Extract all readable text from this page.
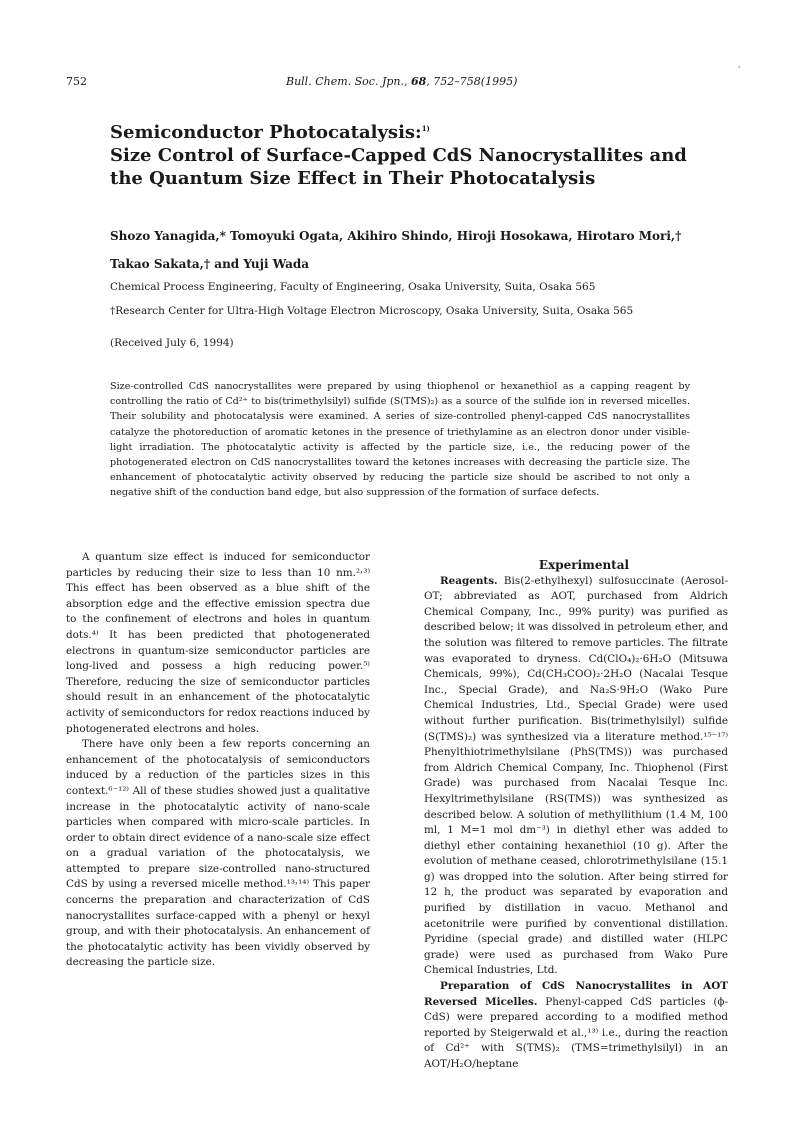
,
752	Bull. Chem. Soc. Jpn., 68, 752–758(1995)
Semiconductor Photocatalysis:$^{1)}$
Size Control of Surface-Capped CdS Nanocrystallites and
the Quantum Size Effect in Their Photocatalysis
Shozo Yanagida,* Tomoyuki Ogata, Akihiro Shindo, Hiroji Hosokawa, Hirotaro Mori,†
Takao Sakata,† and Yuji Wada
Chemical Process Engineering, Faculty of Engineering, Osaka University, Suita, Osaka 565
†Research Center for Ultra-High Voltage Electron Microscopy, Osaka University, Suita, Osaka 565
(Received July 6, 1994)
Size-controlled CdS nanocrystallites were prepared by using thiophenol or hexanethiol as a capping reagent by controlling the ratio of Cd²⁺ to bis(trimethylsilyl) sulfide (S(TMS)₂) as a source of the sulfide ion in reversed micelles. Their solubility and photocatalysis were examined. A series of size-controlled phenyl-capped CdS nanocrystallites catalyze the photoreduction of aromatic ketones in the presence of triethylamine as an electron donor under visible-light irradiation. The photocatalytic activity is affected by the particle size, i.e., the reducing power of the photogenerated electron on CdS nanocrystallites toward the ketones increases with decreasing the particle size. The enhancement of photocatalytic activity observed by reducing the particle size should be ascribed to not only a negative shift of the conduction band edge, but also suppression of the formation of surface defects.

A quantum size effect is induced for semiconductor particles by reducing their size to less than 10 nm.²˒³⁾ This effect has been observed as a blue shift of the absorption edge and the effective emission spectra due to the confinement of electrons and holes in quantum dots.⁴⁾ It has been predicted that photogenerated electrons in quantum-size semiconductor particles are long-lived and possess a high reducing power.⁵⁾ Therefore, reducing the size of semiconductor particles should result in an enhancement of the photocatalytic activity of semiconductors for redox reactions induced by photogenerated electrons and holes.

There have only been a few reports concerning an enhancement of the photocatalysis of semiconductors induced by a reduction of the particles sizes in this context.⁶⁻¹²⁾ All of these studies showed just a qualitative increase in the photocatalytic activity of nano-scale particles when compared with micro-scale particles. In order to obtain direct evidence of a nano-scale size effect on a gradual variation of the photocatalysis, we attempted to prepare size-controlled nano-structured CdS by using a reversed micelle method.¹³˒¹⁴⁾ This paper concerns the preparation and characterization of CdS nanocrystallites surface-capped with a phenyl or hexyl group, and with their photocatalysis. An enhancement of the photocatalytic activity has been vividly observed by decreasing the particle size.

Experimental

Reagents. Bis(2-ethylhexyl) sulfosuccinate (Aerosol-OT; abbreviated as AOT, purchased from Aldrich Chemical Company, Inc., 99% purity) was purified as described below; it was dissolved in petroleum ether, and the solution was filtered to remove particles. The filtrate was evaporated to dryness. Cd(ClO₄)₂·6H₂O (Mitsuwa Chemicals, 99%), Cd(CH₃COO)₂·2H₂O (Nacalai Tesque Inc., Special Grade), and Na₂S·9H₂O (Wako Pure Chemical Industries, Ltd., Special Grade) were used without further purification. Bis(trimethylsilyl) sulfide (S(TMS)₂) was synthesized via a literature method.¹⁵⁻¹⁷⁾ Phenylthiotrimethylsilane (PhS(TMS)) was purchased from Aldrich Chemical Company, Inc. Thiophenol (First Grade) was purchased from Nacalai Tesque Inc. Hexyltrimethylsilane (RS(TMS)) was synthesized as described below. A solution of methyllithium (1.4 M, 100 ml, 1 M=1 mol dm⁻³) in diethyl ether was added to diethyl ether containing hexanethiol (10 g). After the evolution of methane ceased, chlorotrimethylsilane (15.1 g) was dropped into the solution. After being stirred for 12 h, the product was separated by evaporation and purified by distillation in vacuo. Methanol and acetonitrile were purified by conventional distillation. Pyridine (special grade) and distilled water (HLPC grade) were used as purchased from Wako Pure Chemical Industries, Ltd.

Preparation of CdS Nanocrystallites in AOT Reversed Micelles. Phenyl-capped CdS particles (ϕ-CdS) were prepared according to a modified method reported by Steigerwald et al.,¹³⁾ i.e., during the reaction of Cd²⁺ with S(TMS)₂ (TMS=trimethylsilyl) in an AOT/H₂O/heptane
